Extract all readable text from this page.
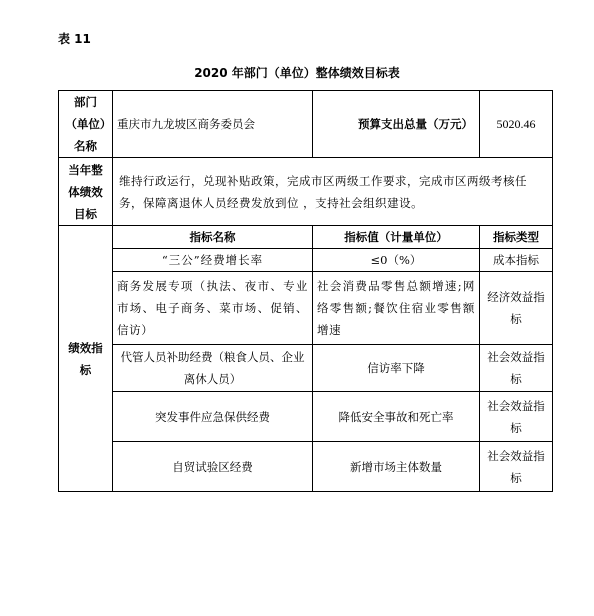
表 11
2020 年部门（单位）整体绩效目标表
部门（单位）名称	重庆市九龙坡区商务委员会	预算支出总量（万元）	5020.46
当年整体绩效目标	维持行政运行，兑现补贴政策，完成市区两级工作要求，完成市区两级考核任务，保障离退休人员经费发放到位 ，支持社会组织建设。		
绩效指标	指标名称	指标值（计量单位）	指标类型
	“三公”经费增长率	≤0（%）	成本指标
	商务发展专项（执法、夜市、专业市场、电子商务、菜市场、促销、信访）	社会消费品零售总额增速;网络零售额;餐饮住宿业零售额增速	经济效益指标
	代管人员补助经费（粮食人员、企业离休人员）	信访率下降	社会效益指标
	突发事件应急保供经费	降低安全事故和死亡率	社会效益指标
	自贸试验区经费	新增市场主体数量	社会效益指标
